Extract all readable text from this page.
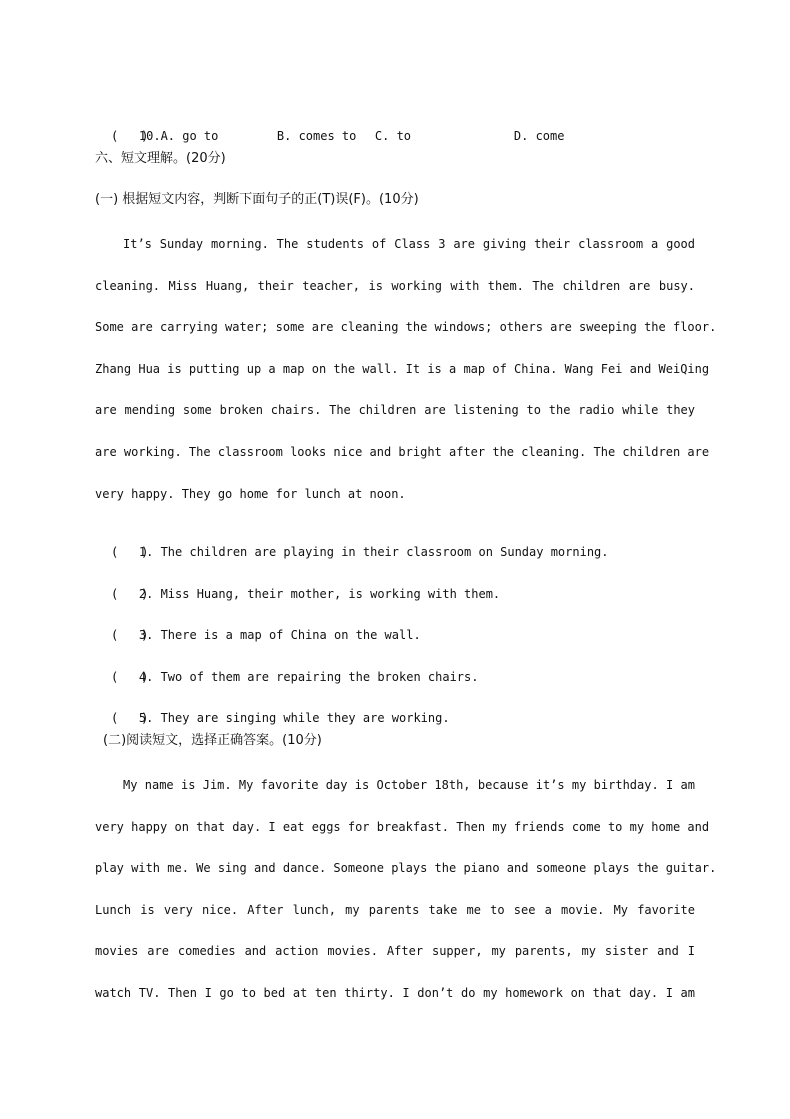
(   )10.A. go to	B. comes to C. to	D. come

六、短文理解。(20分)
(一) 根据短文内容，判断下面句子的正(T)误(F)。(10分)
It’s Sunday morning. The students of Class 3 are giving their classroom a good
cleaning. Miss Huang, their teacher, is working with them. The children are busy.
Some are carrying water; some are cleaning the windows; others are sweeping the floor.
Zhang Hua is putting up a map on the wall. It is a map of China. Wang Fei and WeiQing
are mending some broken chairs. The children are listening to the radio while they
are working. The classroom looks nice and bright after the cleaning. The children are
very happy. They go home for lunch at noon.

(   )1. The children are playing in their classroom on Sunday morning.

(   )2. Miss Huang, their mother, is working with them.

(   )3. There is a map of China on the wall.

(   )4. Two of them are repairing the broken chairs.

(   )5. They are singing while they are working.

(二)阅读短文，选择正确答案。(10分)
My name is Jim. My favorite day is October 18th, because it’s my birthday. I am
very happy on that day. I eat eggs for breakfast. Then my friends come to my home and
play with me. We sing and dance. Someone plays the piano and someone plays the guitar.
Lunch is very nice. After lunch, my parents take me to see a movie. My favorite
movies are comedies and action movies. After supper, my parents, my sister and I
watch TV. Then I go to bed at ten thirty. I don’t do my homework on that day. I am
